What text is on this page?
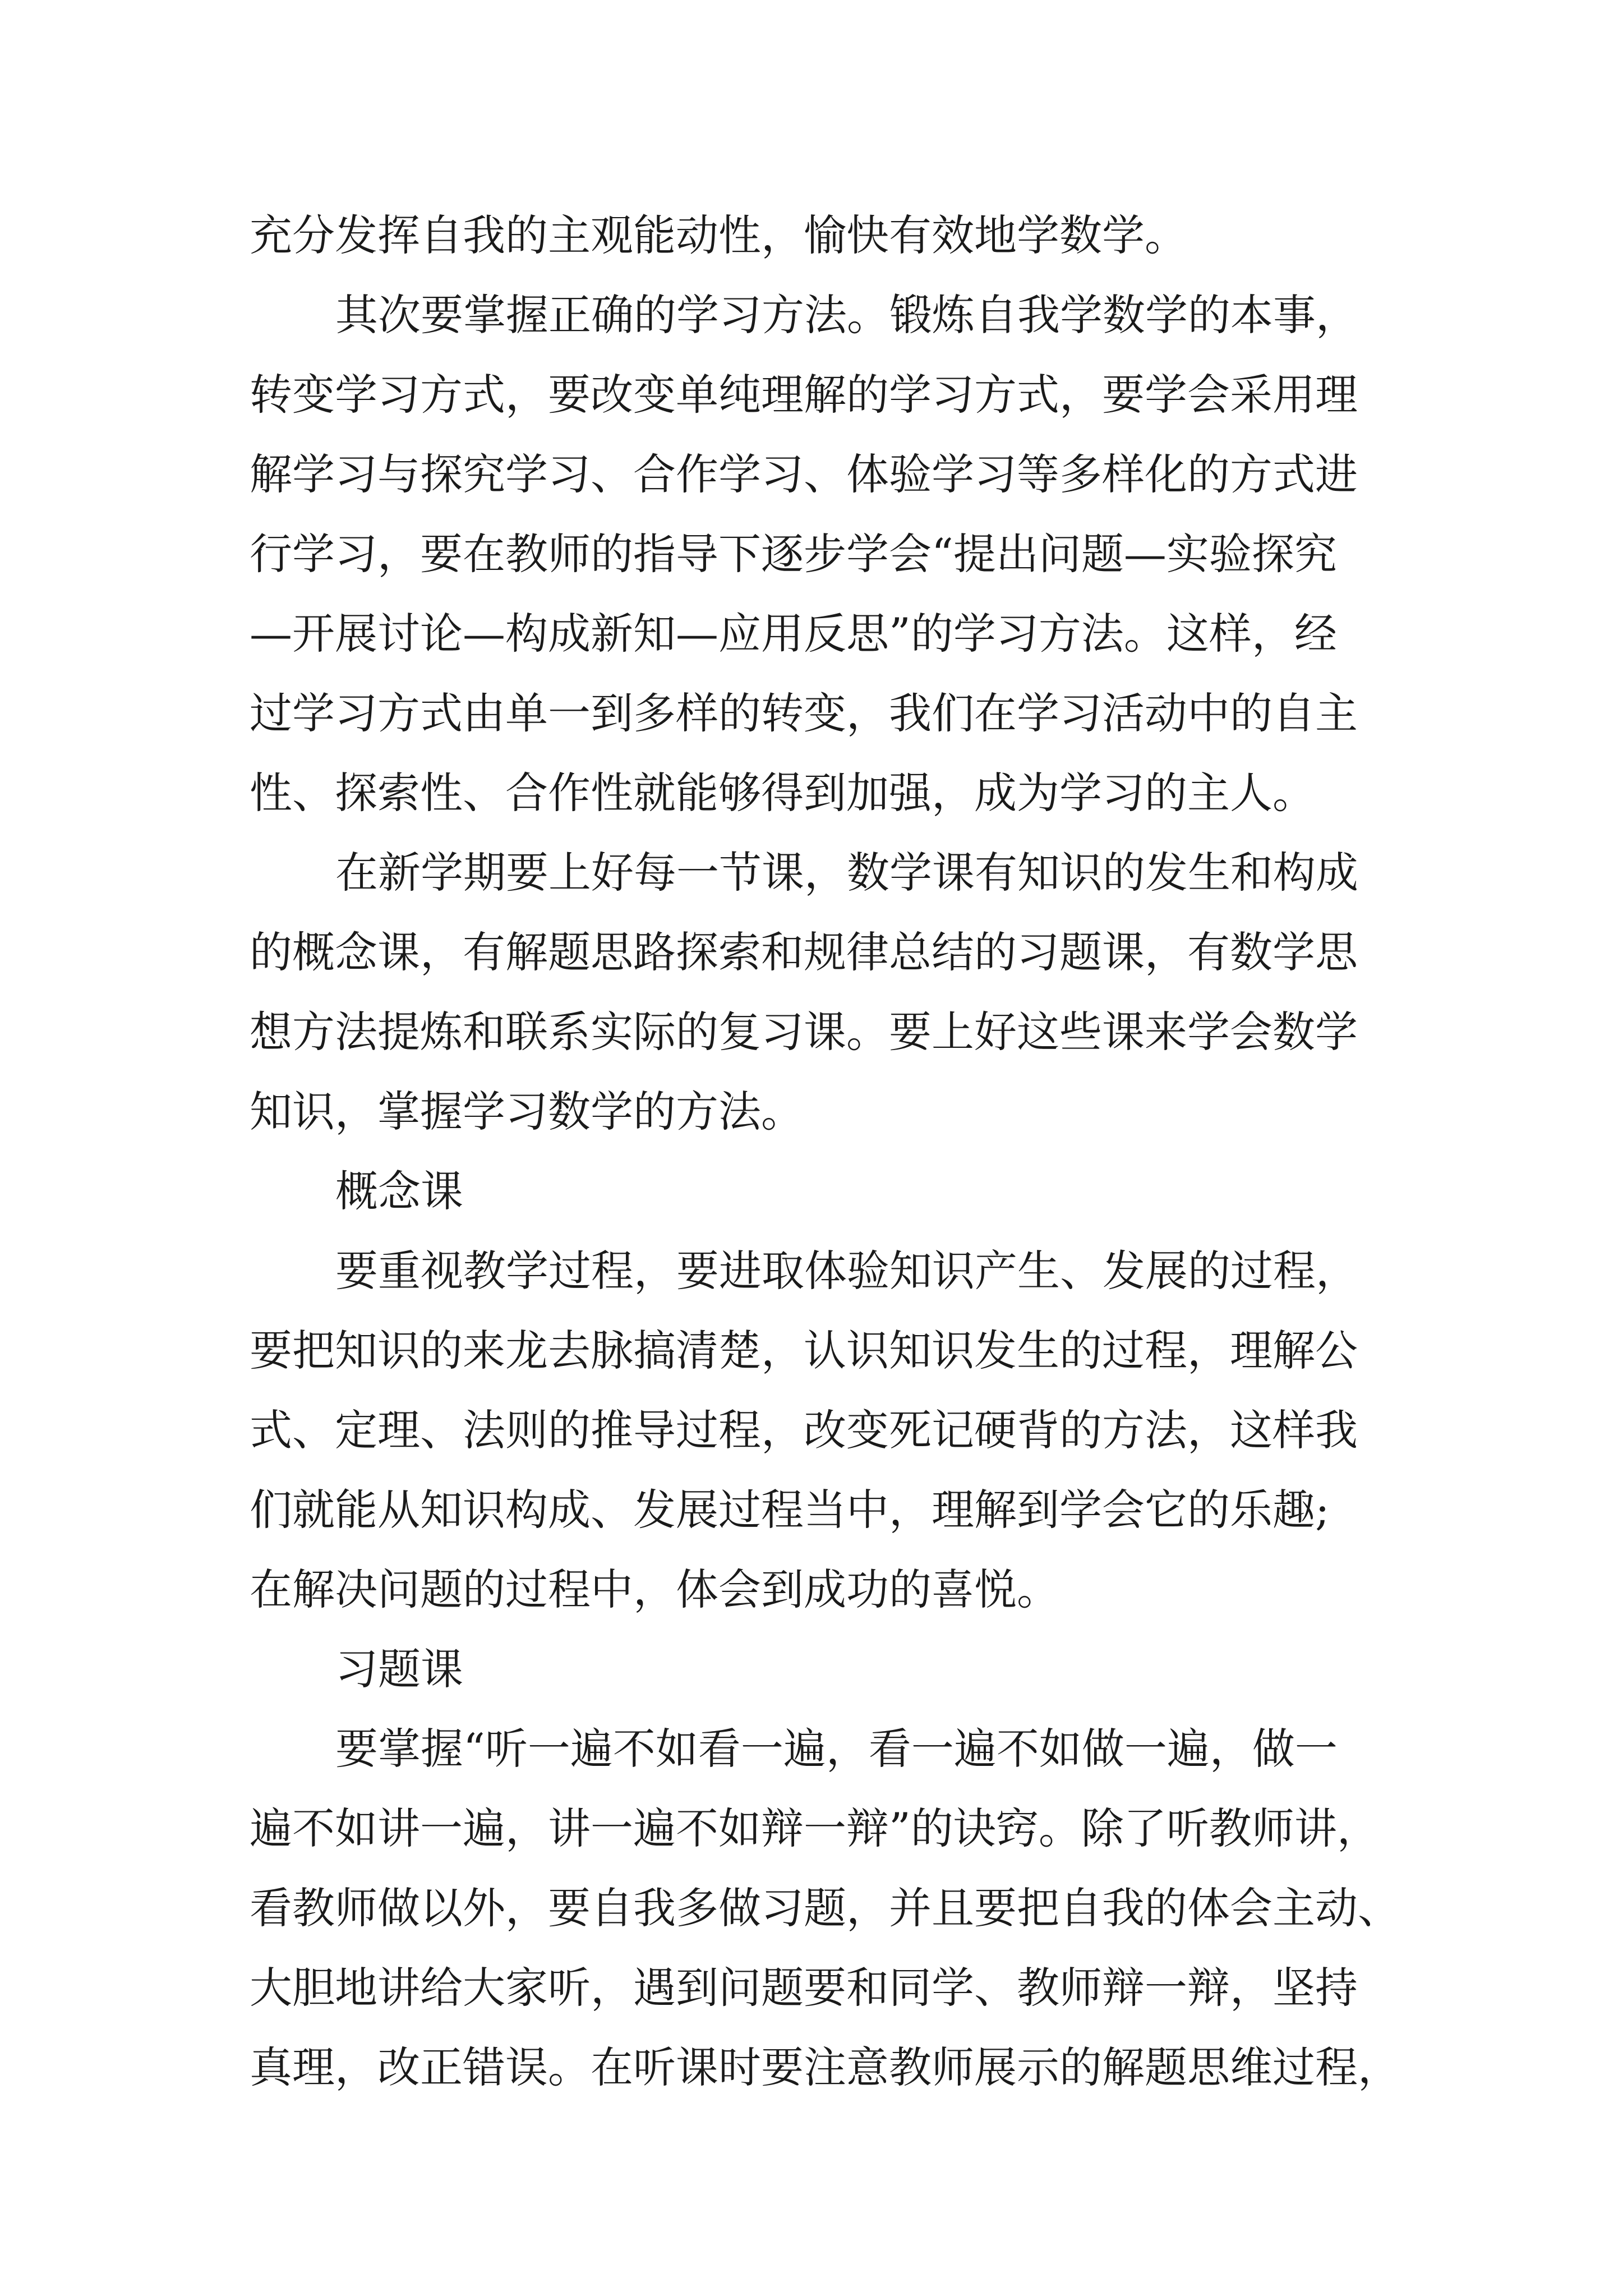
充分发挥自我的主观能动性，愉快有效地学数学。

其次要掌握正确的学习方法。锻炼自我学数学的本事，

转变学习方式，要改变单纯理解的学习方式，要学会采用理

解学习与探究学习、合作学习、体验学习等多样化的方式进

行学习，要在教师的指导下逐步学会“提出问题—实验探究

—开展讨论—构成新知—应用反思”的学习方法。这样，经

过学习方式由单一到多样的转变，我们在学习活动中的自主

性、探索性、合作性就能够得到加强，成为学习的主人。

在新学期要上好每一节课，数学课有知识的发生和构成

的概念课，有解题思路探索和规律总结的习题课，有数学思

想方法提炼和联系实际的复习课。要上好这些课来学会数学

知识，掌握学习数学的方法。

概念课

要重视教学过程，要进取体验知识产生、发展的过程，

要把知识的来龙去脉搞清楚，认识知识发生的过程，理解公

式、定理、法则的推导过程，改变死记硬背的方法，这样我

们就能从知识构成、发展过程当中，理解到学会它的乐趣;

在解决问题的过程中，体会到成功的喜悦。

习题课

要掌握“听一遍不如看一遍，看一遍不如做一遍，做一

遍不如讲一遍，讲一遍不如辩一辩”的诀窍。除了听教师讲，

看教师做以外，要自我多做习题，并且要把自我的体会主动、

大胆地讲给大家听，遇到问题要和同学、教师辩一辩，坚持

真理，改正错误。在听课时要注意教师展示的解题思维过程，
